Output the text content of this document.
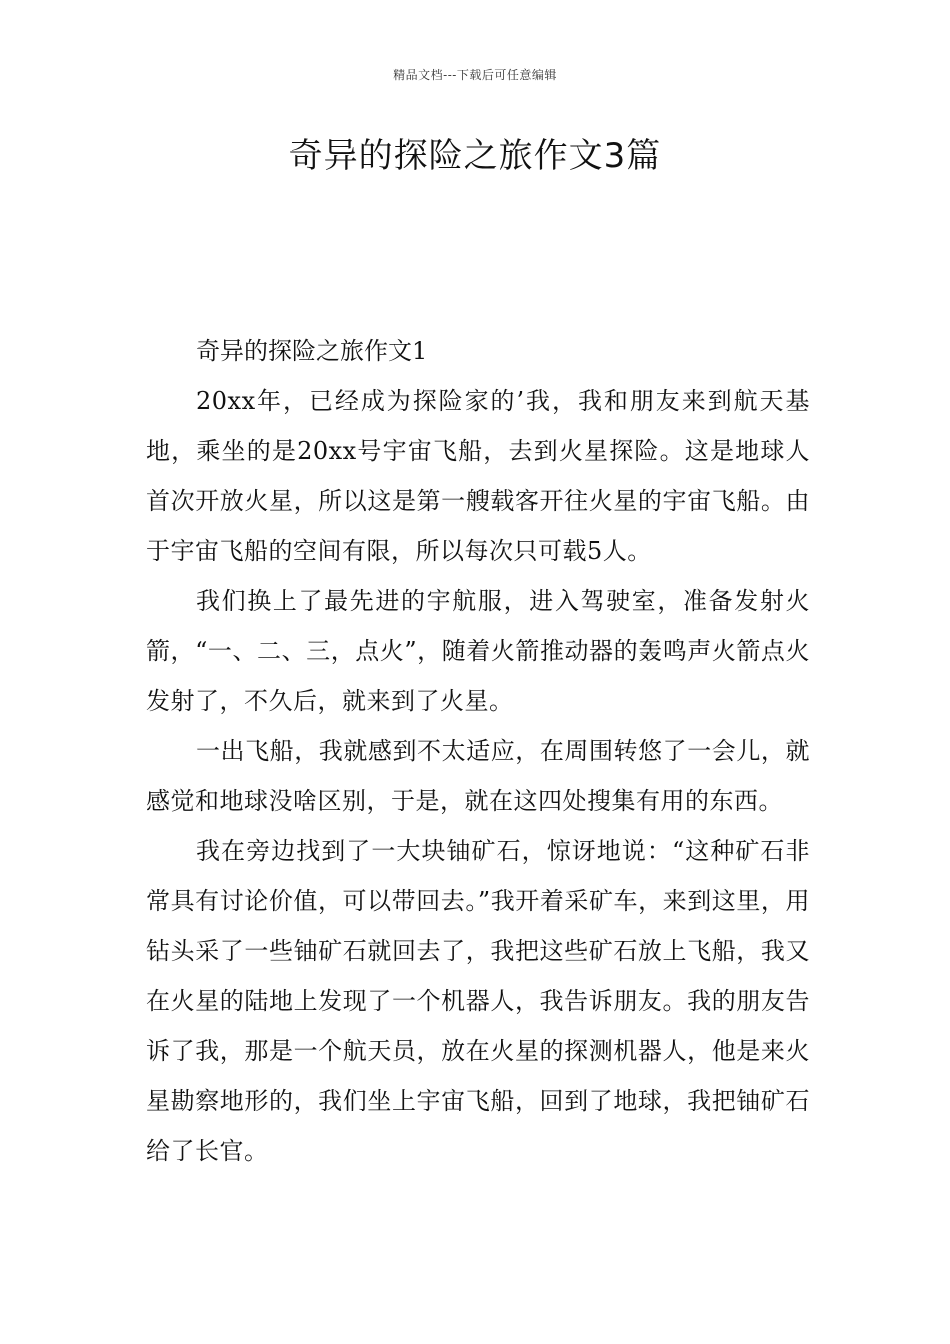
精品文档---下载后可任意编辑
奇异的探险之旅作文3篇

奇异的探险之旅作文1

20xx年，已经成为探险家的’我，我和朋友来到航天基地，乘坐的是20xx号宇宙飞船，去到火星探险。这是地球人首次开放火星，所以这是第一艘载客开往火星的宇宙飞船。由于宇宙飞船的空间有限，所以每次只可载5人。

我们换上了最先进的宇航服，进入驾驶室，准备发射火箭，“一、二、三，点火”，随着火箭推动器的轰鸣声火箭点火发射了，不久后，就来到了火星。

一出飞船，我就感到不太适应，在周围转悠了一会儿，就感觉和地球没啥区别，于是，就在这四处搜集有用的东西。

我在旁边找到了一大块铀矿石，惊讶地说：“这种矿石非常具有讨论价值，可以带回去。”我开着采矿车，来到这里，用钻头采了一些铀矿石就回去了，我把这些矿石放上飞船，我又在火星的陆地上发现了一个机器人，我告诉朋友。我的朋友告诉了我，那是一个航天员，放在火星的探测机器人，他是来火星勘察地形的，我们坐上宇宙飞船，回到了地球，我把铀矿石给了长官。
